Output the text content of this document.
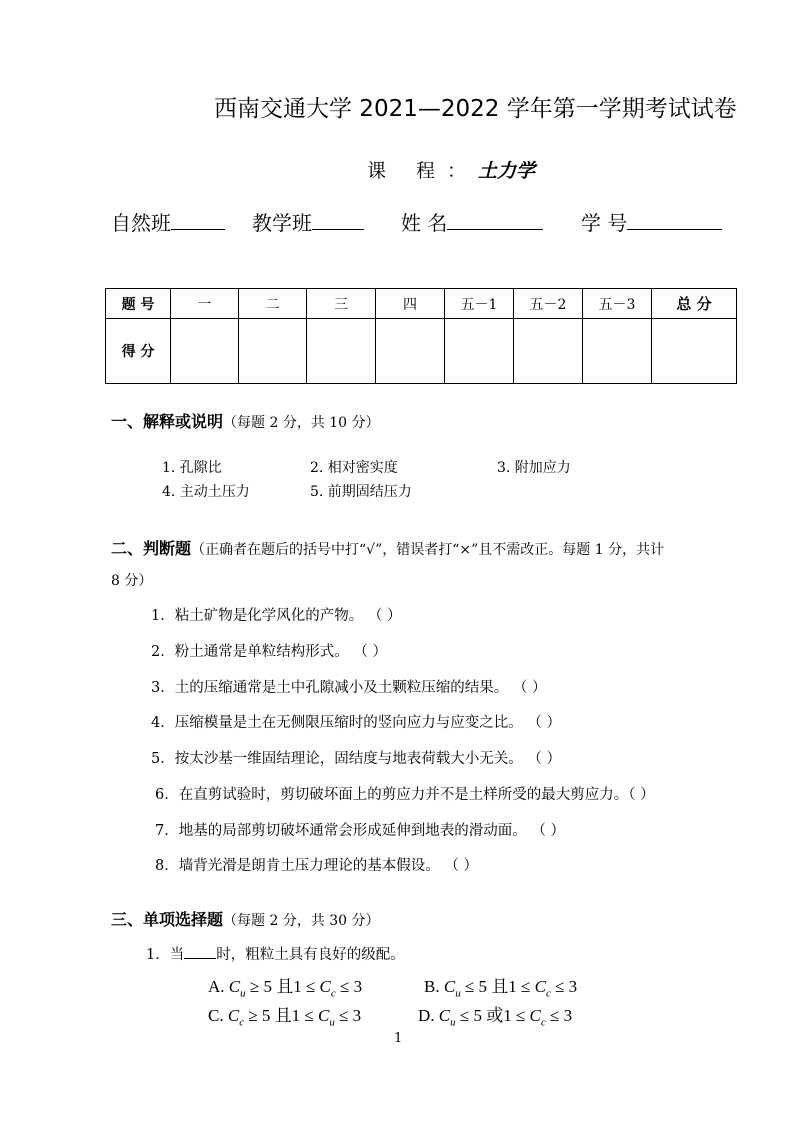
西南交通大学 2021—2022 学年第一学期考试试卷
课 程：土力学
自然班	教学班	姓 名	学 号
题 号	一	二	三	四	五－1	五－2	五－3	总 分
得 分								
一、解释或说明（每题 2 分，共 10 分）
1. 孔隙比	2. 相对密实度	3. 附加应力
4. 主动土压力	5. 前期固结压力
二、判断题（正确者在题后的括号中打“√”，错误者打“×”且不需改正。每题 1 分，共计
8 分）
1．粘土矿物是化学风化的产物。 （ ）
2．粉土通常是单粒结构形式。 （ ）
3．土的压缩通常是土中孔隙减小及土颗粒压缩的结果。 （ ）
4．压缩模量是土在无侧限压缩时的竖向应力与应变之比。 （ ）
5．按太沙基一维固结理论，固结度与地表荷载大小无关。 （ ）
6．在直剪试验时，剪切破坏面上的剪应力并不是土样所受的最大剪应力。（ ）
7．地基的局部剪切破坏通常会形成延伸到地表的滑动面。 （ ）
8．墙背光滑是朗肯土压力理论的基本假设。 （ ）
三、单项选择题（每题 2 分，共 30 分）
1．当 时，粗粒土具有良好的级配。
A. $C_u \ge 5$ 且$1 \le C_c \le 3$	B. $C_u \le 5$ 且$1 \le C_c \le 3$
C. $C_c \ge 5$ 且$1 \le C_u \le 3$	D. $C_u \le 5$ 或$1 \le C_c \le 3$
1
